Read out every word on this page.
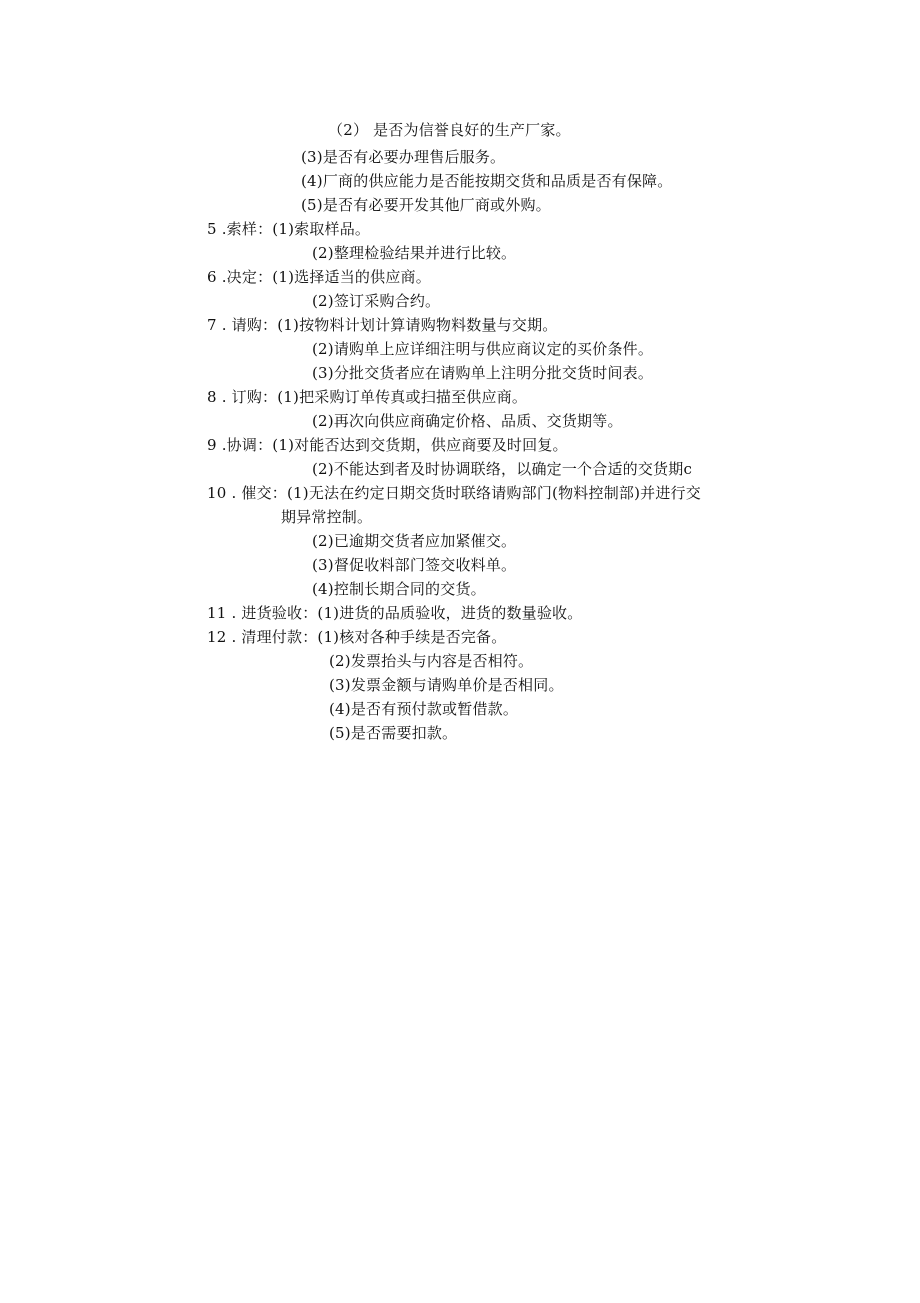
（2） 是否为信誉良好的生产厂家。
(3)是否有必要办理售后服务。
(4)厂商的供应能力是否能按期交货和品质是否有保障。
(5)是否有必要开发其他厂商或外购。
5 .索样：(1)索取样品。
(2)整理检验结果并进行比较。
6 .决定：(1)选择适当的供应商。
(2)签订采购合约。
7 . 请购：(1)按物料计划计算请购物料数量与交期。
(2)请购单上应详细注明与供应商议定的买价条件。
(3)分批交货者应在请购单上注明分批交货时间表。
8 . 订购：(1)把采购订单传真或扫描至供应商。
(2)再次向供应商确定价格、品质、交货期等。
9 .协调：(1)对能否达到交货期，供应商要及时回复。
(2)不能达到者及时协调联络，以确定一个合适的交货期c
10 . 催交：(1)无法在约定日期交货时联络请购部门(物料控制部)并进行交
期异常控制。
(2)已逾期交货者应加紧催交。
(3)督促收料部门签交收料单。
(4)控制长期合同的交货。
11 . 进货验收：(1)进货的品质验收，进货的数量验收。
12 . 清理付款：(1)核对各种手续是否完备。
(2)发票抬头与内容是否相符。
(3)发票金额与请购单价是否相同。
(4)是否有预付款或暂借款。
(5)是否需要扣款。
